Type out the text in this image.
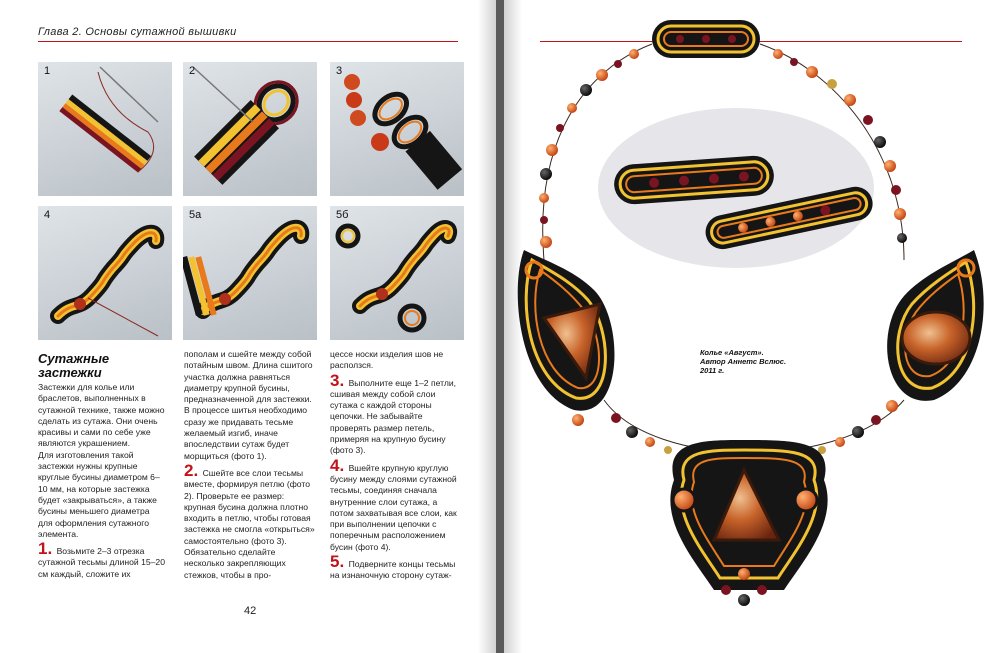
Глава 2. Основы сутажной вышивки
1	2	3
4	5а	5б
Сутажные
застежки

Застежки для колье или браслетов, выполненных в сутажной технике, также можно сделать из сутажа. Они очень красивы и сами по себе уже являются украшением.

Для изготовления такой застежки нужны крупные круглые бусины диаметром 6–10 мм, на которые застежка будет «закрываться», а также бусины меньшего диаметра для оформления сутажного элемента.

1. Возьмите 2–3 отрезка сутажной тесьмы длиной 15–20 см каждый, сложите их

пополам и сшейте между собой потайным швом. Длина сшитого участка должна равняться диаметру крупной бусины, предназначенной для застежки. В процессе шитья необходимо сразу же придавать тесьме желаемый изгиб, иначе впоследствии сутаж будет морщиться (фото 1).

2. Сшейте все слои тесьмы вместе, формируя петлю (фото 2). Проверьте ее размер: крупная бусина должна плотно входить в петлю, чтобы готовая застежка не смогла «открыться» самостоятельно (фото 3). Обязательно сделайте несколько закрепляющих стежков, чтобы в про-

цессе носки изделия шов не расползся.

3. Выполните еще 1–2 петли, сшивая между собой слои сутажа с каждой стороны цепочки. Не забывайте проверять размер петель, примеряя на крупную бусину (фото 3).
4. Вшейте крупную круглую бусину между слоями сутажной тесьмы, соединяя сначала внутренние слои сутажа, а потом захватывая все слои, как при выполнении цепочки с поперечным расположением бусин (фото 4).
5. Подверните концы тесьмы на изнаночную сторону сутаж-
42
Колье «Август».
Автор Аннетс Вслюс.
2011 г.
